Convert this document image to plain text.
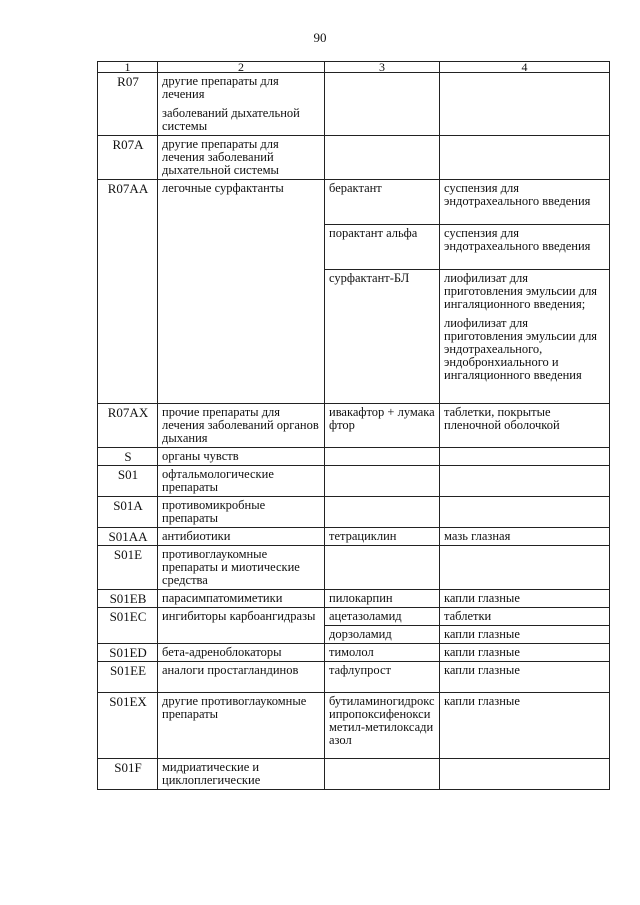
90
1	2	3	4
R07	другие препараты для лечения
заболеваний дыхательной системы		

R07A	другие препараты для лечения заболеваний дыхательной системы		

R07AA	легочные сурфактанты	берактант	суспензия для эндотрахеального введения

		порактант альфа	суспензия для эндотрахеального введения

		сурфактант-БЛ	лиофилизат для приготовления эмульсии для ингаляционного введения;
лиофилизат для приготовления эмульсии для эндотрахеального, эндобронхиального и ингаляционного введения

R07AX	прочие препараты для лечения заболеваний органов дыхания	ивакафтор + лумакафтор	таблетки, покрытые пленочной оболочкой

S	органы чувств		

S01	офтальмологические препараты		

S01A	противомикробные препараты		

S01AA	антибиотики	тетрациклин	мазь глазная

S01E	противоглаукомные препараты и миотические средства		

S01EB	парасимпатомиметики	пилокарпин	капли глазные

S01EC	ингибиторы карбоангидразы	ацетазоламид	таблетки

		дорзоламид	капли глазные

S01ED	бета-адреноблокаторы	тимолол	капли глазные

S01EE	аналоги простагландинов	тафлупрост	капли глазные

S01EX	другие противоглаукомные препараты	бутиламиногидроксипропоксифеноксиметил-метилоксадиазол	капли глазные

S01F	мидриатические и циклоплегические		
